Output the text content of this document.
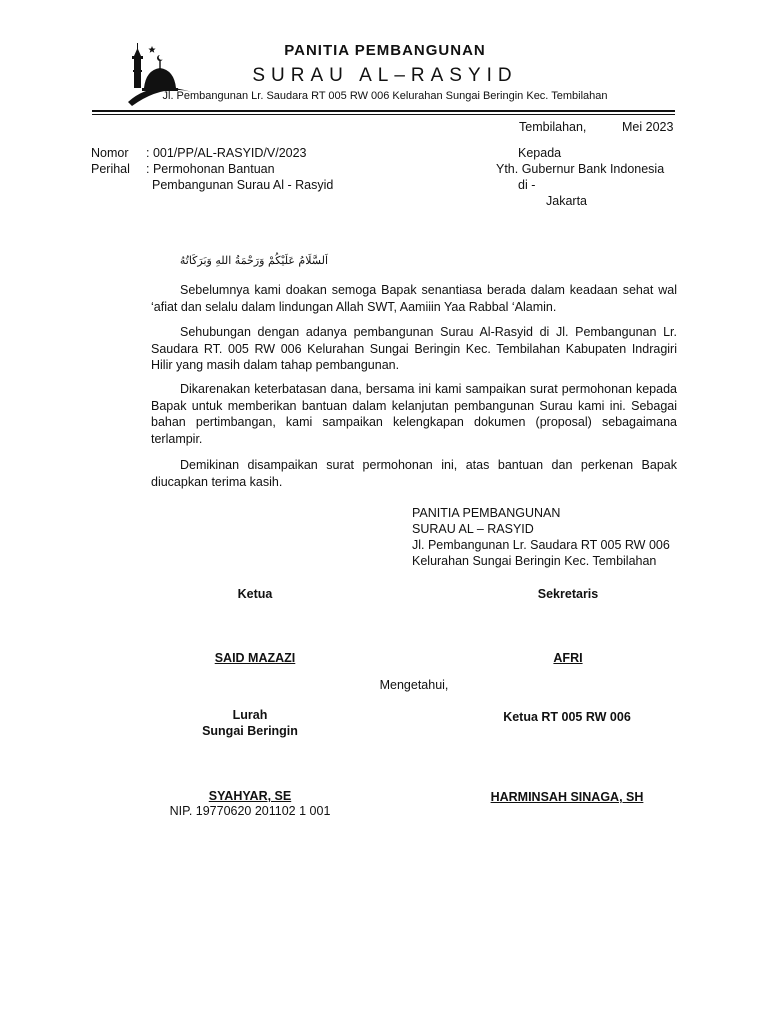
PANITIA PEMBANGUNAN
SURAU AL–RASYID
Jl. Pembangunan Lr. Saudara RT 005 RW 006 Kelurahan Sungai Beringin Kec. Tembilahan
Tembilahan,	Mei 2023
Nomor : 001/PP/AL-RASYID/V/2023
Perihal : Permohonan Bantuan
Pembangunan Surau Al - Rasyid
Kepada
Yth. Gubernur Bank Indonesia
di -
Jakarta
اَلسَّلَامُ عَلَيْكُمْ وَرَحْمَةُ اللهِ وَبَرَكَاتُهُ

Sebelumnya kami doakan semoga Bapak senantiasa berada dalam keadaan sehat wal ‘afiat dan selalu dalam lindungan Allah SWT, Aamiiin Yaa Rabbal ‘Alamin.

Sehubungan dengan adanya pembangunan Surau Al-Rasyid di Jl. Pembangunan Lr. Saudara RT. 005 RW 006 Kelurahan Sungai Beringin Kec. Tembilahan Kabupaten Indragiri Hilir yang masih dalam tahap pembangunan.

Dikarenakan keterbatasan dana, bersama ini kami sampaikan surat permohonan kepada Bapak untuk memberikan bantuan dalam kelanjutan pembangunan Surau kami ini. Sebagai bahan pertimbangan, kami sampaikan kelengkapan dokumen (proposal) sebagaimana terlampir.

Demikinan disampaikan surat permohonan ini, atas bantuan dan perkenan Bapak diucapkan terima kasih.

PANITIA PEMBANGUNAN
SURAU AL – RASYID
Jl. Pembangunan Lr. Saudara RT 005 RW 006
Kelurahan Sungai Beringin Kec. Tembilahan
Ketua	Sekretaris
SAID MAZAZI	AFRI
Mengetahui,
Lurah
Sungai Beringin
Ketua RT 005 RW 006
SYAHYAR, SE
NIP. 19770620 201102 1 001
HARMINSAH SINAGA, SH
